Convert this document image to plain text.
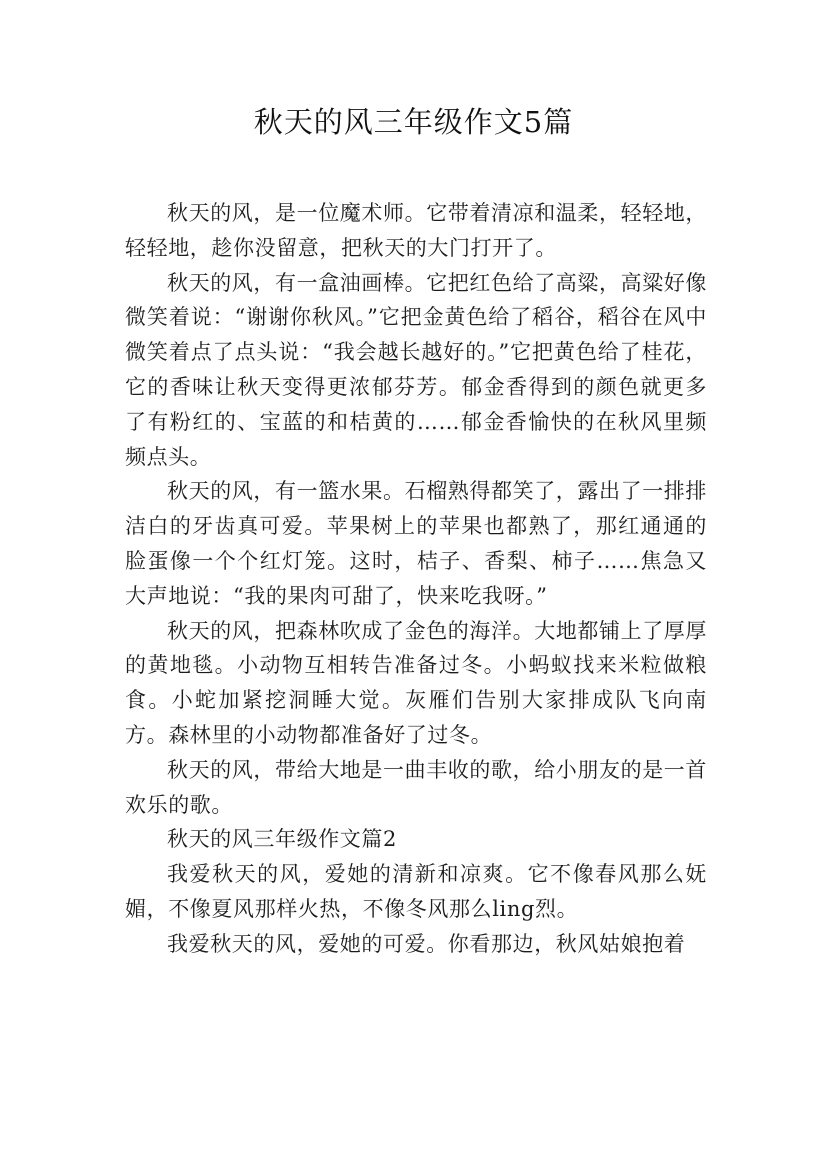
秋天的风三年级作文5篇

秋天的风，是一位魔术师。它带着清凉和温柔，轻轻地，轻轻地，趁你没留意，把秋天的大门打开了。

秋天的风，有一盒油画棒。它把红色给了高粱，高粱好像微笑着说：“谢谢你秋风。”它把金黄色给了稻谷，稻谷在风中微笑着点了点头说：“我会越长越好的。”它把黄色给了桂花，它的香味让秋天变得更浓郁芬芳。郁金香得到的颜色就更多了有粉红的、宝蓝的和桔黄的……郁金香愉快的在秋风里频频点头。

秋天的风，有一篮水果。石榴熟得都笑了，露出了一排排洁白的牙齿真可爱。苹果树上的苹果也都熟了，那红通通的脸蛋像一个个红灯笼。这时，桔子、香梨、柿子……焦急又大声地说：“我的果肉可甜了，快来吃我呀。”

秋天的风，把森林吹成了金色的海洋。大地都铺上了厚厚的黄地毯。小动物互相转告准备过冬。小蚂蚁找来米粒做粮食。小蛇加紧挖洞睡大觉。灰雁们告别大家排成队飞向南方。森林里的小动物都准备好了过冬。

秋天的风，带给大地是一曲丰收的歌，给小朋友的是一首欢乐的歌。

秋天的风三年级作文篇2

我爱秋天的风，爱她的清新和凉爽。它不像春风那么妩媚，不像夏风那样火热，不像冬风那么ling烈。

我爱秋天的风，爱她的可爱。你看那边，秋风姑娘抱着
